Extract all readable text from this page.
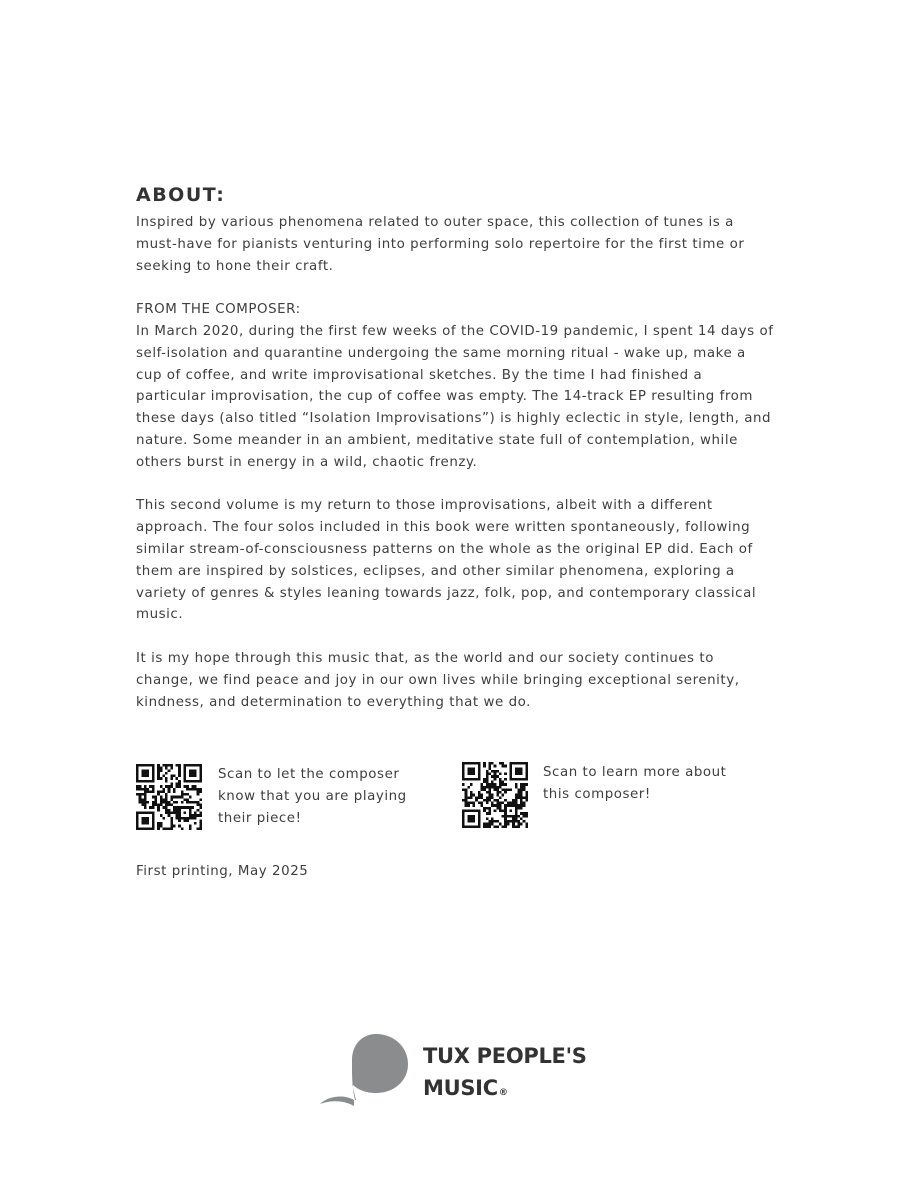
ABOUT:

Inspired by various phenomena related to outer space, this collection of tunes is a must-have for pianists venturing into performing solo repertoire for the first time or seeking to hone their craft.

FROM THE COMPOSER:

In March 2020, during the first few weeks of the COVID-19 pandemic, I spent 14 days of self-isolation and quarantine undergoing the same morning ritual - wake up, make a cup of coffee, and write improvisational sketches. By the time I had finished a particular improvisation, the cup of coffee was empty. The 14-track EP resulting from these days (also titled “Isolation Improvisations”) is highly eclectic in style, length, and nature. Some meander in an ambient, meditative state full of contemplation, while others burst in energy in a wild, chaotic frenzy.

This second volume is my return to those improvisations, albeit with a different approach. The four solos included in this book were written spontaneously, following similar stream-of-consciousness patterns on the whole as the original EP did. Each of them are inspired by solstices, eclipses, and other similar phenomena, exploring a variety of genres & styles leaning towards jazz, folk, pop, and contemporary classical music.

It is my hope through this music that, as the world and our society continues to change, we find peace and joy in our own lives while bringing exceptional serenity, kindness, and determination to everything that we do.

Scan to let the composer know that you are playing their piece!
Scan to learn more about this composer!
First printing, May 2025
TUX PEOPLE'S
MUSIC®
